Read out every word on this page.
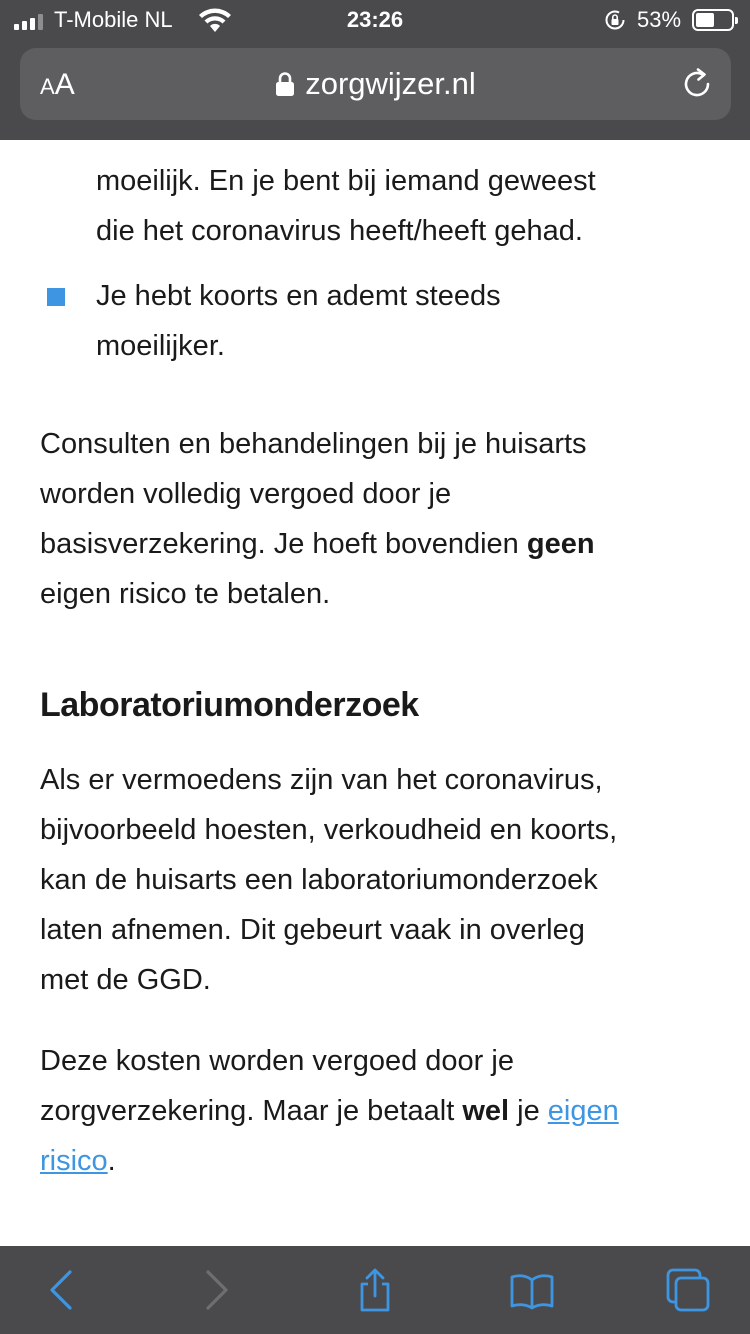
T-Mobile NL	23:26	53%
AA	zorgwijzer.nl
moeilijk. En je bent bij iemand geweest
die het coronavirus heeft/heeft gehad.
Je hebt koorts en ademt steeds
moeilijker.

Consulten en behandelingen bij je huisarts
worden volledig vergoed door je
basisverzekering. Je hoeft bovendien geen
eigen risico te betalen.

Laboratoriumonderzoek

Als er vermoedens zijn van het coronavirus,
bijvoorbeeld hoesten, verkoudheid en koorts,
kan de huisarts een laboratoriumonderzoek
laten afnemen. Dit gebeurt vaak in overleg
met de GGD.

Deze kosten worden vergoed door je
zorgverzekering. Maar je betaalt wel je eigen
risico.
